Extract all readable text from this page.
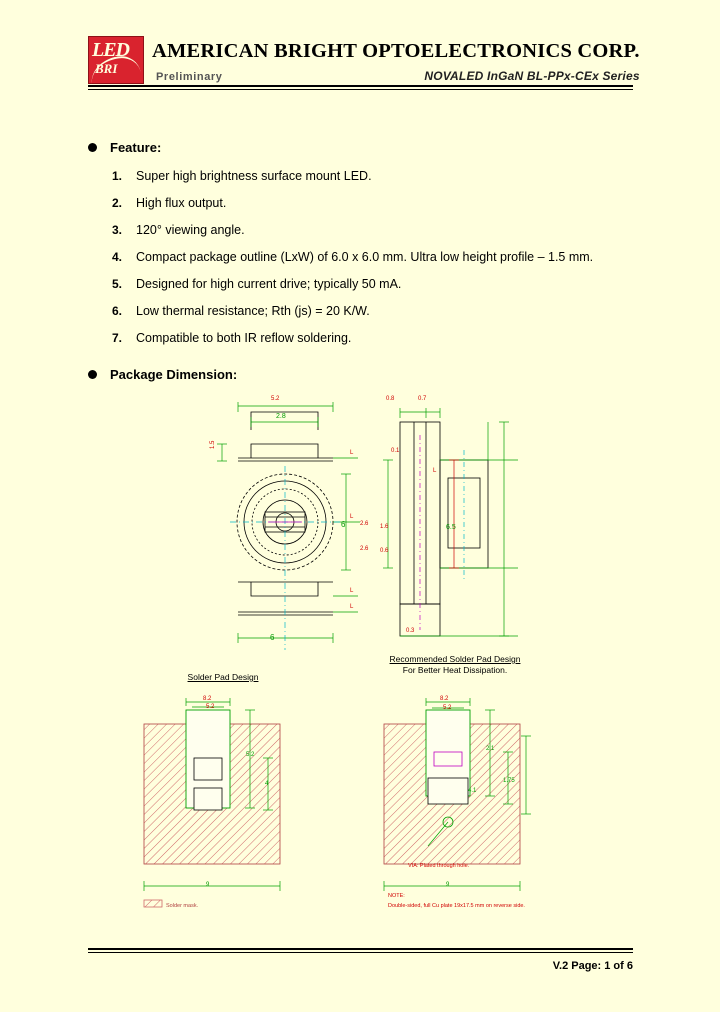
LED
BRI
AMERICAN BRIGHT OPTOELECTRONICS CORP.
Preliminary	NOVALED InGaN BL-PPx-CEx Series
Feature:
1.	Super high brightness surface mount LED.
2.	High flux output.
3.	120° viewing angle.
4.	Compact package outline (LxW) of 6.0 x 6.0 mm. Ultra low height profile – 1.5 mm.
5.	Designed for high current drive; typically 50 mA.
6.	Low thermal resistance; Rth (js) = 20 K/W.
7.	Compatible to both IR reflow soldering.
Package Dimension:
5.2
2.8
1.5
6
6
L
L
L
L
0.8	0.7
0.1
2.6 1.6
2.6 0.6
0.3
6.5
L
Recommended Solder Pad Design
For Better Heat Dissipation.
Solder Pad Design
8.2
5.2
5.2
4
9
Solder mask.
8.2
5.2
2.1
1.75
4.1
9
VIA: Plated through hole.
NOTE:
Double-sided, full Cu plate 19x17.5 mm on reverse side.
V.2 Page: 1 of 6
